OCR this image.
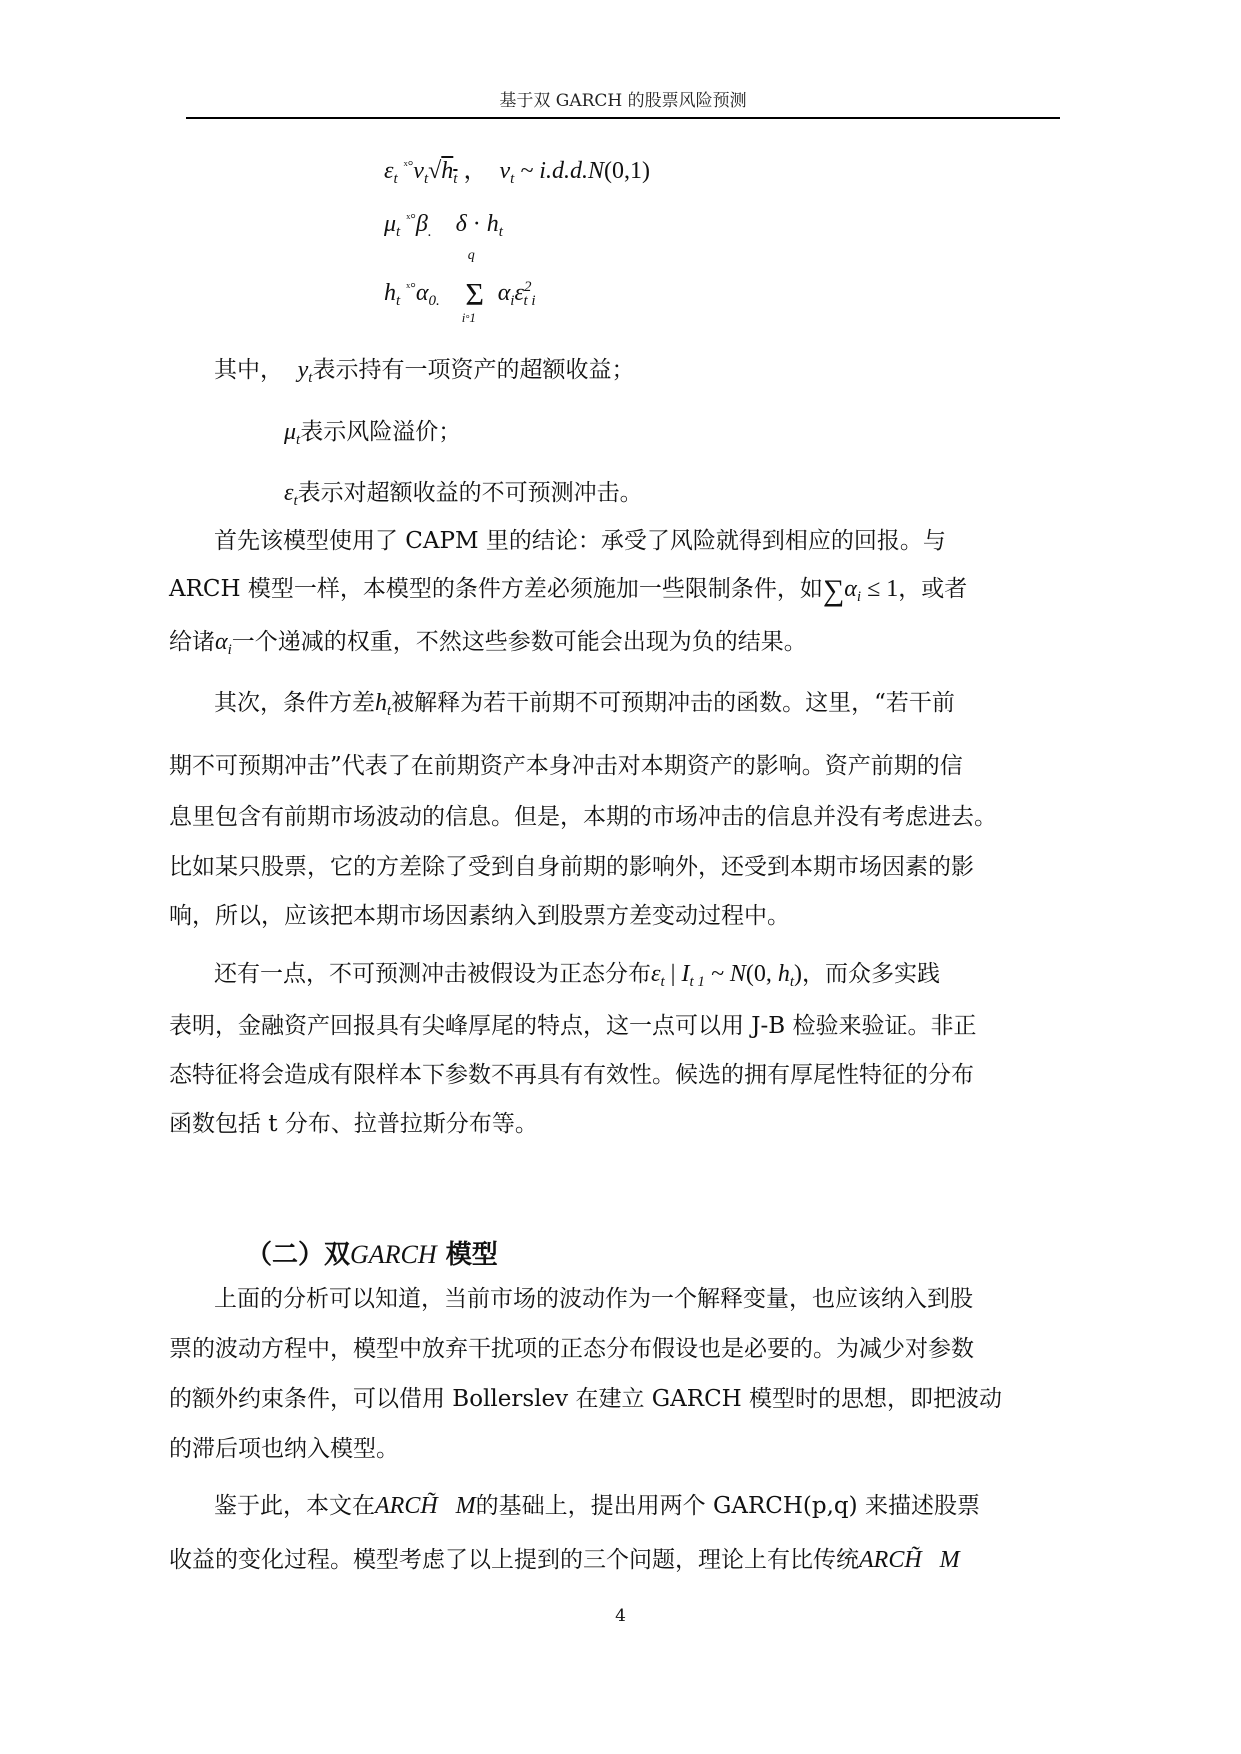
基于双 GARCH 的股票风险预测
$\varepsilon_t$ $^{ˣ^\circ}v_t√h_t$ ，  $v_t$ ~ i.d.d.N(0,1)
$\mu_t$ $^{ˣ^\circ}\beta_.$    $\delta \cdot h_t$
$h_t$ $^{ˣ^\circ}\alpha_{0.}$
q
Σ
i°1
$\alpha_i\varepsilon^2_{t i}$
其中， $y_t$表示持有一项资产的超额收益；
$\mu_t$表示风险溢价；
$\varepsilon_t$表示对超额收益的不可预测冲击。
首先该模型使用了 CAPM 里的结论：承受了风险就得到相应的回报。与
ARCH 模型一样，本模型的条件方差必须施加一些限制条件，如$\sum\alpha_i \le 1$，或者
给诸$\alpha_i$一个递减的权重，不然这些参数可能会出现为负的结果。
其次，条件方差$h_t$被解释为若干前期不可预期冲击的函数。这里，“若干前
期不可预期冲击”代表了在前期资产本身冲击对本期资产的影响。资产前期的信
息里包含有前期市场波动的信息。但是，本期的市场冲击的信息并没有考虑进去。
比如某只股票，它的方差除了受到自身前期的影响外，还受到本期市场因素的影
响，所以，应该把本期市场因素纳入到股票方差变动过程中。
还有一点，不可预测冲击被假设为正态分布$\varepsilon_t$ | $I_{t 1}$ ~ N(0, $h_t$)，而众多实践
表明，金融资产回报具有尖峰厚尾的特点，这一点可以用 J-B 检验来验证。非正
态特征将会造成有限样本下参数不再具有有效性。候选的拥有厚尾性特征的分布
函数包括 t 分布、拉普拉斯分布等。
（二）双GARCH 模型
上面的分析可以知道，当前市场的波动作为一个解释变量，也应该纳入到股
票的波动方程中，模型中放弃干扰项的正态分布假设也是必要的。为减少对参数
的额外约束条件，可以借用 Bollerslev 在建立 GARCH 模型时的思想，即把波动
的滞后项也纳入模型。
鉴于此，本文在ARCH̃   M的基础上，提出用两个 GARCH(p,q) 来描述股票
收益的变化过程。模型考虑了以上提到的三个问题，理论上有比传统ARCH̃   M
4
